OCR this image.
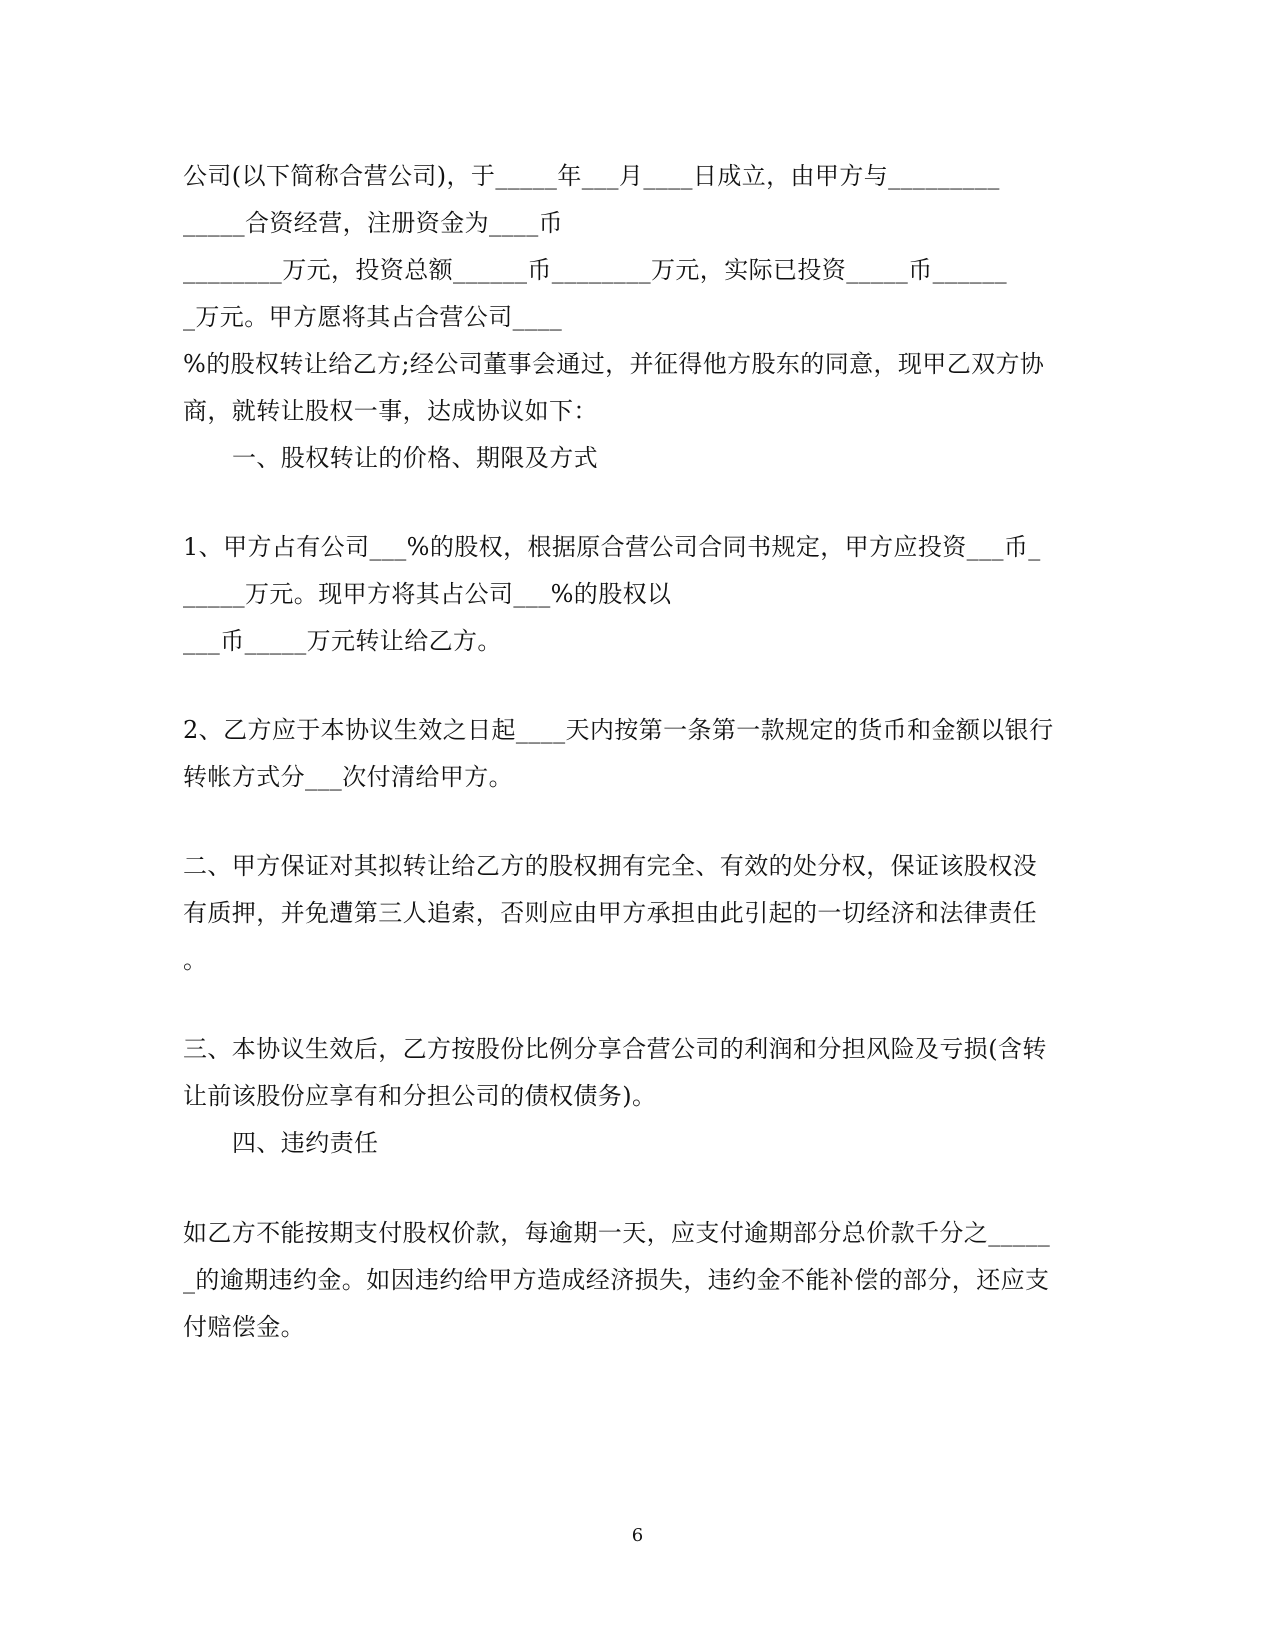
公司(以下简称合营公司)，于_____年___月____日成立，由甲方与_________

_____合资经营，注册资金为____币

________万元，投资总额______币________万元，实际已投资_____币______

_万元。甲方愿将其占合营公司____

%的股权转让给乙方;经公司董事会通过，并征得他方股东的同意，现甲乙双方协

商，就转让股权一事，达成协议如下：

一、股权转让的价格、期限及方式

1、甲方占有公司___%的股权，根据原合营公司合同书规定，甲方应投资___币_

_____万元。现甲方将其占公司___%的股权以

___币_____万元转让给乙方。

2、乙方应于本协议生效之日起____天内按第一条第一款规定的货币和金额以银行

转帐方式分___次付清给甲方。

二、甲方保证对其拟转让给乙方的股权拥有完全、有效的处分权，保证该股权没

有质押，并免遭第三人追索，否则应由甲方承担由此引起的一切经济和法律责任

。

三、本协议生效后，乙方按股份比例分享合营公司的利润和分担风险及亏损(含转

让前该股份应享有和分担公司的债权债务)。

四、违约责任

如乙方不能按期支付股权价款，每逾期一天，应支付逾期部分总价款千分之_____

_的逾期违约金。如因违约给甲方造成经济损失，违约金不能补偿的部分，还应支

付赔偿金。

6
